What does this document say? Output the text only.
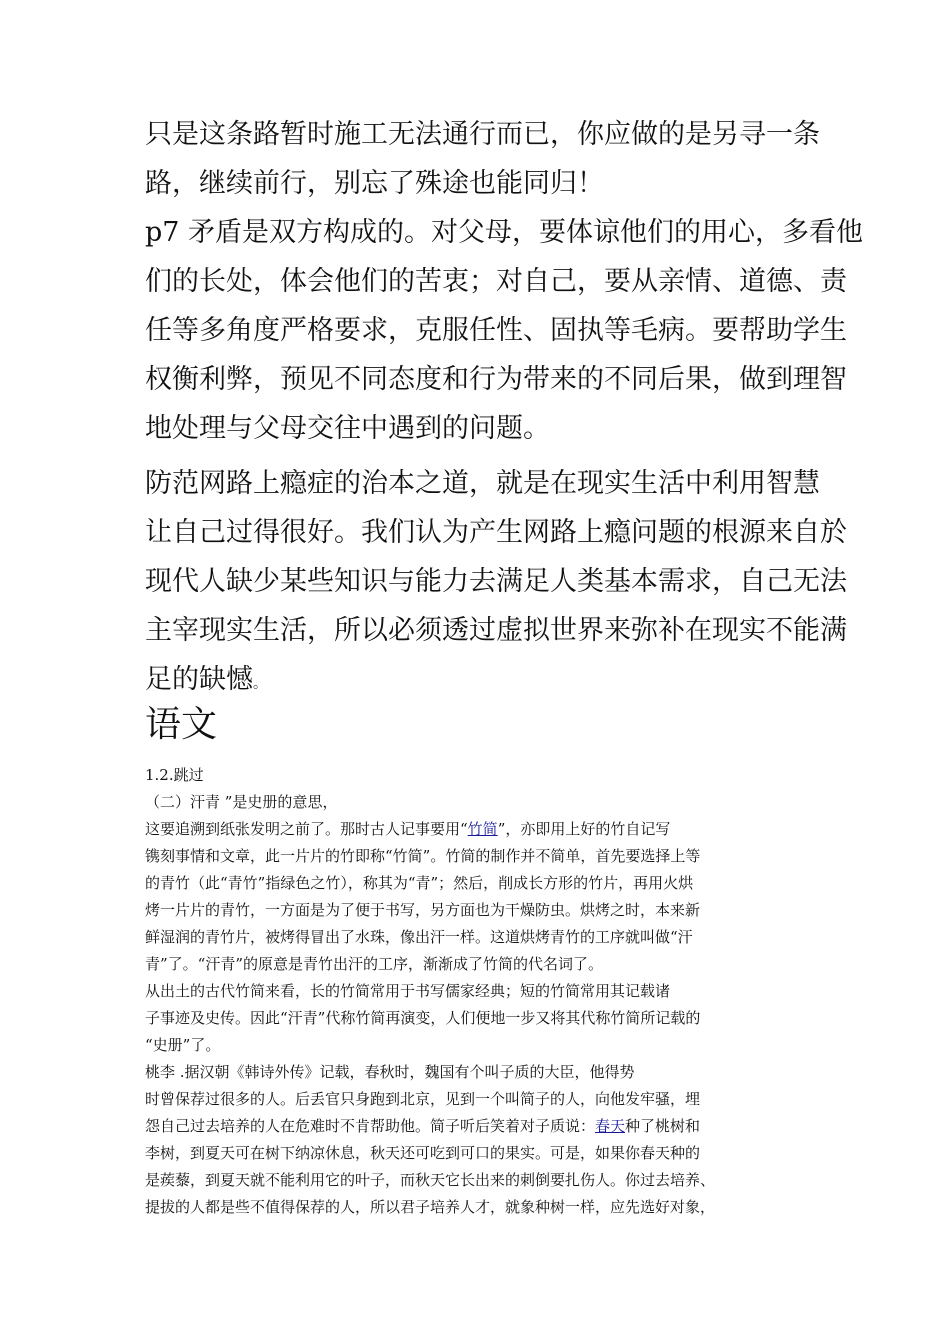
只是这条路暂时施工无法通行而已，你应做的是另寻一条

路，继续前行，别忘了殊途也能同归！

p7 矛盾是双方构成的。对父母，要体谅他们的用心，多看他

们的长处，体会他们的苦衷；对自己，要从亲情、道德、责

任等多角度严格要求，克服任性、固执等毛病。要帮助学生

权衡利弊，预见不同态度和行为带来的不同后果，做到理智

地处理与父母交往中遇到的问题。

防范网路上瘾症的治本之道，就是在现实生活中利用智慧

让自己过得很好。我们认为产生网路上瘾问题的根源来自於

现代人缺少某些知识与能力去满足人类基本需求，自己无法

主宰现实生活，所以必须透过虚拟世界来弥补在现实不能满

足的缺憾。

语文

1.2.跳过

（二）汗青 ”是史册的意思，

这要追溯到纸张发明之前了。那时古人记事要用“竹简”，亦即用上好的竹自记写

镌刻事情和文章，此一片片的竹即称“竹简”。竹简的制作并不简单，首先要选择上等

的青竹（此“青竹”指绿色之竹），称其为“青”；然后，削成长方形的竹片，再用火烘

烤一片片的青竹，一方面是为了便于书写，另方面也为干燥防虫。烘烤之时，本来新

鲜湿润的青竹片，被烤得冒出了水珠，像出汗一样。这道烘烤青竹的工序就叫做“汗

青”了。“汗青”的原意是青竹出汗的工序，渐渐成了竹简的代名词了。

从出土的古代竹简来看，长的竹简常用于书写儒家经典；短的竹简常用其记载诸

子事迹及史传。因此“汗青”代称竹简再演变，人们便地一步又将其代称竹简所记载的

“史册”了。

桃李 .据汉朝《韩诗外传》记载，春秋时，魏国有个叫子质的大臣，他得势

时曾保荐过很多的人。后丢官只身跑到北京，见到一个叫简子的人，向他发牢骚，埋

怨自己过去培养的人在危难时不肯帮助他。简子听后笑着对子质说：春天种了桃树和

李树，到夏天可在树下纳凉休息，秋天还可吃到可口的果实。可是，如果你春天种的

是蒺藜，到夏天就不能利用它的叶子，而秋天它长出来的刺倒要扎伤人。你过去培养、

提拔的人都是些不值得保荐的人，所以君子培养人才，就象种树一样，应先选好对象，
